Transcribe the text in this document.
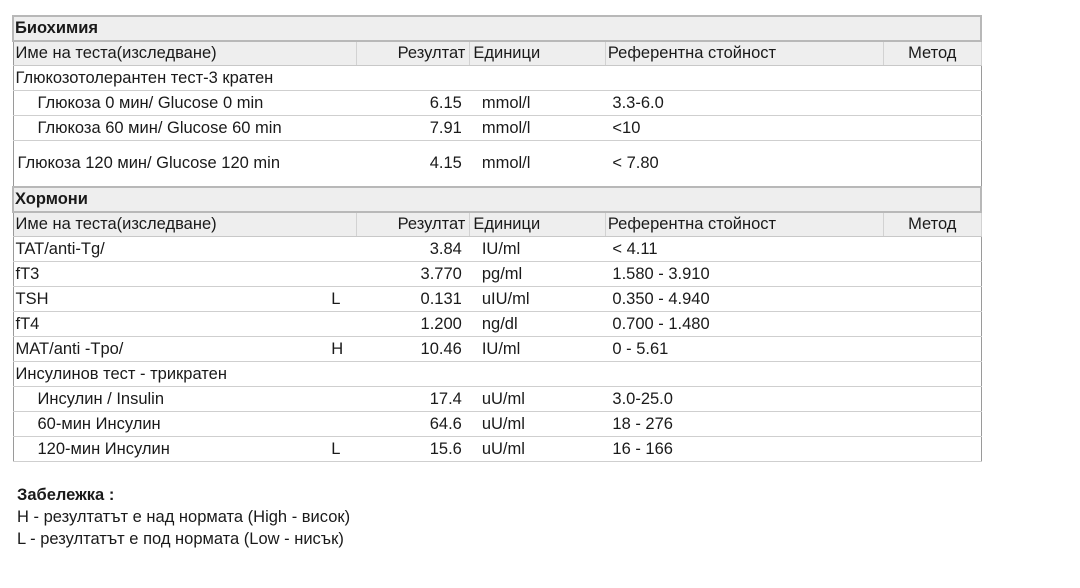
Биохимия					
Име на теста(изследване)		Резултат	Единици	Референтна стойност	Метод
Глюкозотолерантен тест-3 кратен					
Глюкоза 0 мин/ Glucose 0 min		6.15	mmol/l	3.3-6.0	
Глюкоза 60 мин/ Glucose 60 min		7.91	mmol/l	<10	

Глюкоза 120 мин/ Glucose 120 min		4.15	mmol/l	< 7.80	
Хормони					
Име на теста(изследване)		Резултат	Единици	Референтна стойност	Метод
TAT/anti-Tg/		3.84	IU/ml	< 4.11	
fT3		3.770	pg/ml	1.580 - 3.910	
TSH	L	0.131	uIU/ml	0.350 - 4.940	
fT4		1.200	ng/dl	0.700 - 1.480	
MAT/anti -Tpo/	H	10.46	IU/ml	0 - 5.61	
Инсулинов тест - трикратен					
Инсулин / Insulin		17.4	uU/ml	3.0-25.0	
60-мин Инсулин		64.6	uU/ml	18 - 276	
120-мин Инсулин	L	15.6	uU/ml	16 - 166	
Забележка :
H - резултатът е над нормата (High - висок)
L - резултатът е под нормата (Low - нисък)
